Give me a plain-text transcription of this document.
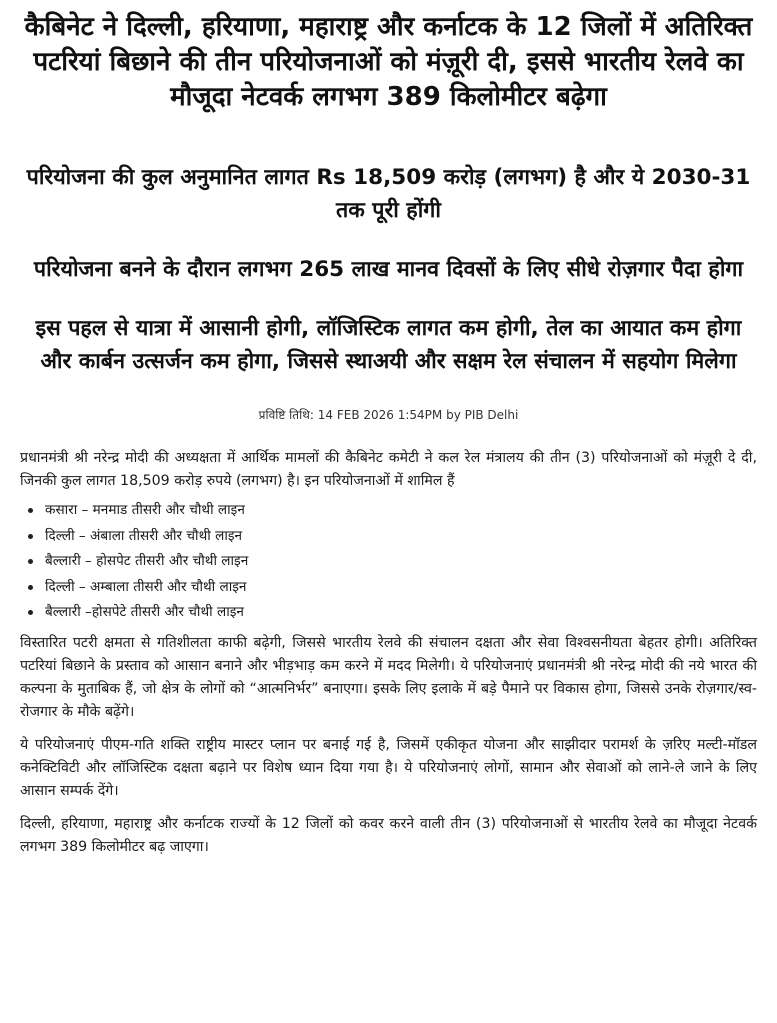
कैबिनेट ने दिल्ली, हरियाणा, महाराष्ट्र और कर्नाटक के 12 जिलों में अतिरिक्त पटरियां बिछाने की तीन परियोजनाओं को मंज़ूरी दी, इससे भारतीय रेलवे का मौजूदा नेटवर्क लगभग 389 किलोमीटर बढ़ेगा
परियोजना की कुल अनुमानित लागत Rs 18,509 करोड़ (लगभग) है और ये 2030-31 तक पूरी होंगी
परियोजना बनने के दौरान लगभग 265 लाख मानव दिवसों के लिए सीधे रोज़गार पैदा होगा
इस पहल से यात्रा में आसानी होगी, लॉजिस्टिक लागत कम होगी, तेल का आयात कम होगा और कार्बन उत्सर्जन कम होगा, जिससे स्थाअयी और सक्षम रेल संचालन में सहयोग मिलेगा
प्रविष्टि तिथि: 14 FEB 2026 1:54PM by PIB Delhi

प्रधानमंत्री श्री नरेन्द्र मोदी की अध्यक्षता में आर्थिक मामलों की कैबिनेट कमेटी ने कल रेल मंत्रालय की तीन (3) परियोजनाओं को मंज़ूरी दे दी, जिनकी कुल लागत 18,509 करोड़ रुपये (लगभग) है। इन परियोजनाओं में शामिल हैं

कसारा – मनमाड तीसरी और चौथी लाइन
दिल्ली – अंबाला तीसरी और चौथी लाइन
बैल्लारी – होसपेट तीसरी और चौथी लाइन
दिल्ली – अम्बाला तीसरी और चौथी लाइन
बैल्लारी –होसपेटे तीसरी और चौथी लाइन

विस्तारित पटरी क्षमता से गतिशीलता काफी बढ़ेगी, जिससे भारतीय रेलवे की संचालन दक्षता और सेवा विश्वसनीयता बेहतर होगी। अतिरिक्त पटरियां बिछाने के प्रस्ताव को आसान बनाने और भीड़भाड़ कम करने में मदद मिलेगी। ये परियोजनाएं प्रधानमंत्री श्री नरेन्द्र मोदी की नये भारत की कल्पना के मुताबिक हैं, जो क्षेत्र के लोगों को “आत्मनिर्भर” बनाएगा। इसके लिए इलाके में बड़े पैमाने पर विकास होगा, जिससे उनके रोज़गार/स्व-रोजगार के मौके बढ़ेंगे।

ये परियोजनाएं पीएम-गति शक्ति राष्ट्रीय मास्टर प्लान पर बनाई गई है, जिसमें एकीकृत योजना और साझीदार परामर्श के ज़रिए मल्टी-मॉडल कनेक्टिविटी और लॉजिस्टिक दक्षता बढ़ाने पर विशेष ध्यान दिया गया है। ये परियोजनाएं लोगों, सामान और सेवाओं को लाने-ले जाने के लिए आसान सम्पर्क देंगे।

दिल्ली, हरियाणा, महाराष्ट्र और कर्नाटक राज्यों के 12 जिलों को कवर करने वाली तीन (3) परियोजनाओं से भारतीय रेलवे का मौजूदा नेटवर्क लगभग 389 किलोमीटर बढ़ जाएगा।
